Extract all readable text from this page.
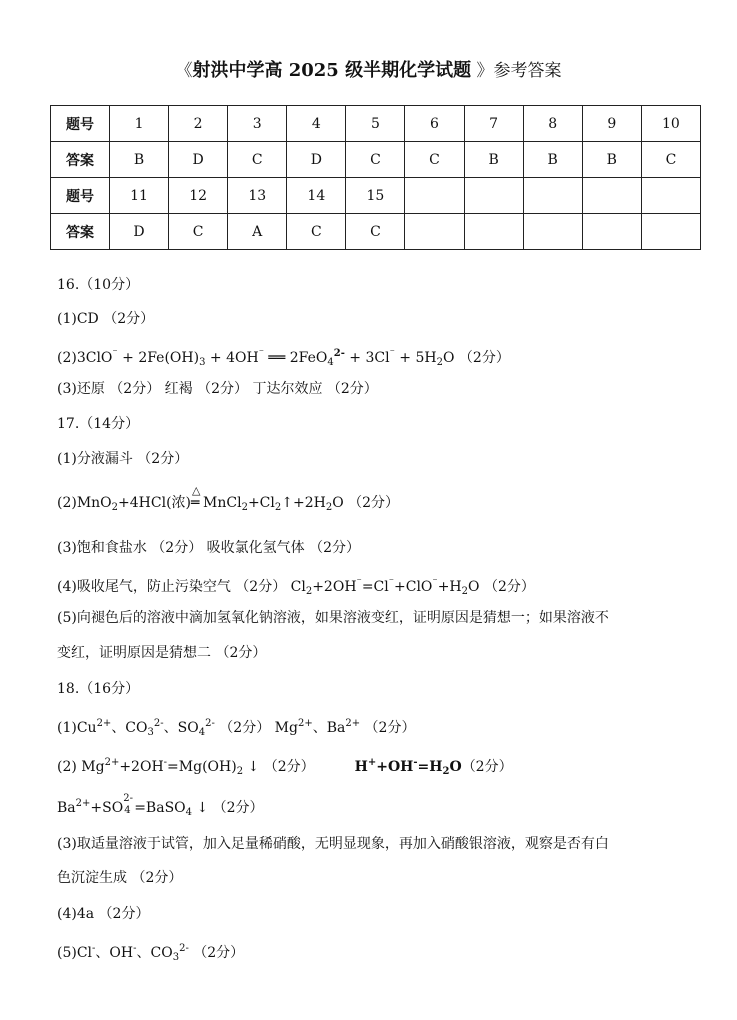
《射洪中学高 2025 级半期化学试题 》参考答案
题号	1	2	3	4	5	6	7	8	9	10
答案	B	D	C	D	C	C	B	B	B	C
题号	11	12	13	14	15					
答案	D	C	A	C	C					
16.（10分）
(1)CD （2分）
$(2)3ClO^{^-} + 2Fe(OH)_3 + 4OH^{^-}$ ══ $2FeO_4^{2-} + 3Cl^{^-} + 5H_2O$ （2分）
(3)还原 （2分） 红褐 （2分） 丁达尔效应 （2分）
17.（14分）
(1)分液漏斗 （2分）
(2)MnO$_2$+4HCl(浓)
△
═ $MnCl_2+Cl_2↑+2H_2O$ （2分）
(3)饱和食盐水 （2分） 吸收氯化氢气体 （2分）
(4)吸收尾气，防止污染空气 （2分） $Cl_2+2OH^{^-}=Cl^{^-}+ClO^{^-}+H_2O$ （2分）
(5)向褪色后的溶液中滴加氢氧化钠溶液，如果溶液变红，证明原因是猜想一；如果溶液不
变红，证明原因是猜想二 （2分）
18.（16分）
$(1)Cu^{2+}$、$CO_3^{2-}$、$SO_4^{2-}$ （2分） $Mg^{2+}$、$Ba^{2+}$ （2分）
(2) $Mg^{2+}+2OH^-=Mg(OH)_2$ ↓ （2分）	$H^++OH^-=H_2O(2$分）
$Ba^{2+}+SO$
2-
4 =BaSO$_4$ ↓ （2分）
(3)取适量溶液于试管，加入足量稀硝酸，无明显现象，再加入硝酸银溶液，观察是否有白
色沉淀生成 （2分）
(4)4a （2分）
(5)Cl-、OH-、$CO_3^{2-}$ （2分）
